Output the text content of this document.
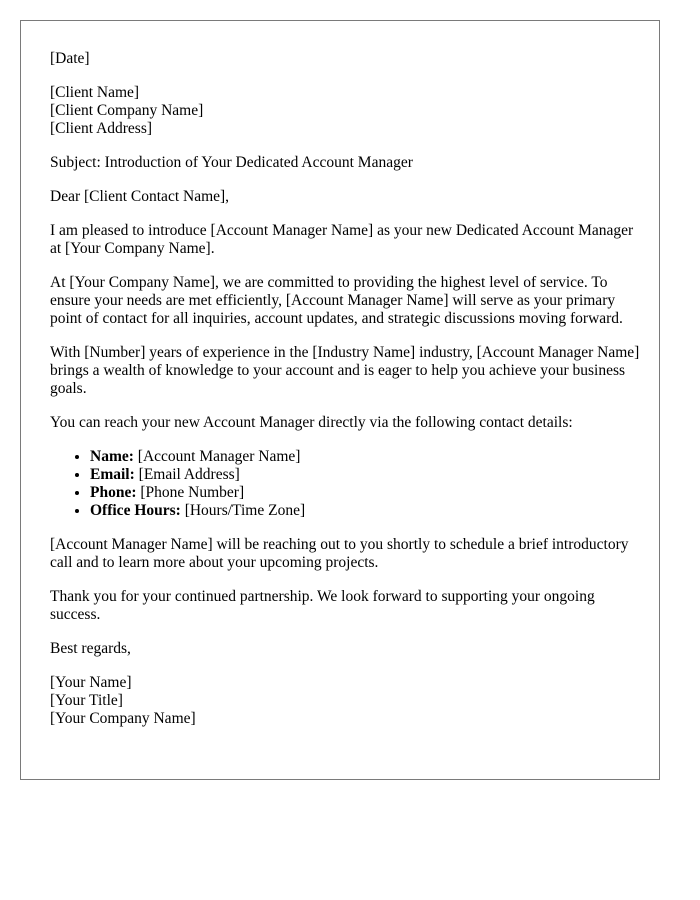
[Date]

[Client Name]
[Client Company Name]
[Client Address]

Subject: Introduction of Your Dedicated Account Manager

Dear [Client Contact Name],

I am pleased to introduce [Account Manager Name] as your new Dedicated Account Manager at [Your Company Name].

At [Your Company Name], we are committed to providing the highest level of service. To ensure your needs are met efficiently, [Account Manager Name] will serve as your primary point of contact for all inquiries, account updates, and strategic discussions moving forward.

With [Number] years of experience in the [Industry Name] industry, [Account Manager Name] brings a wealth of knowledge to your account and is eager to help you achieve your business goals.

You can reach your new Account Manager directly via the following contact details:

• Name: [Account Manager Name]
• Email: [Email Address]
• Phone: [Phone Number]
• Office Hours: [Hours/Time Zone]

[Account Manager Name] will be reaching out to you shortly to schedule a brief introductory call and to learn more about your upcoming projects.

Thank you for your continued partnership. We look forward to supporting your ongoing success.

Best regards,

[Your Name]
[Your Title]
[Your Company Name]
